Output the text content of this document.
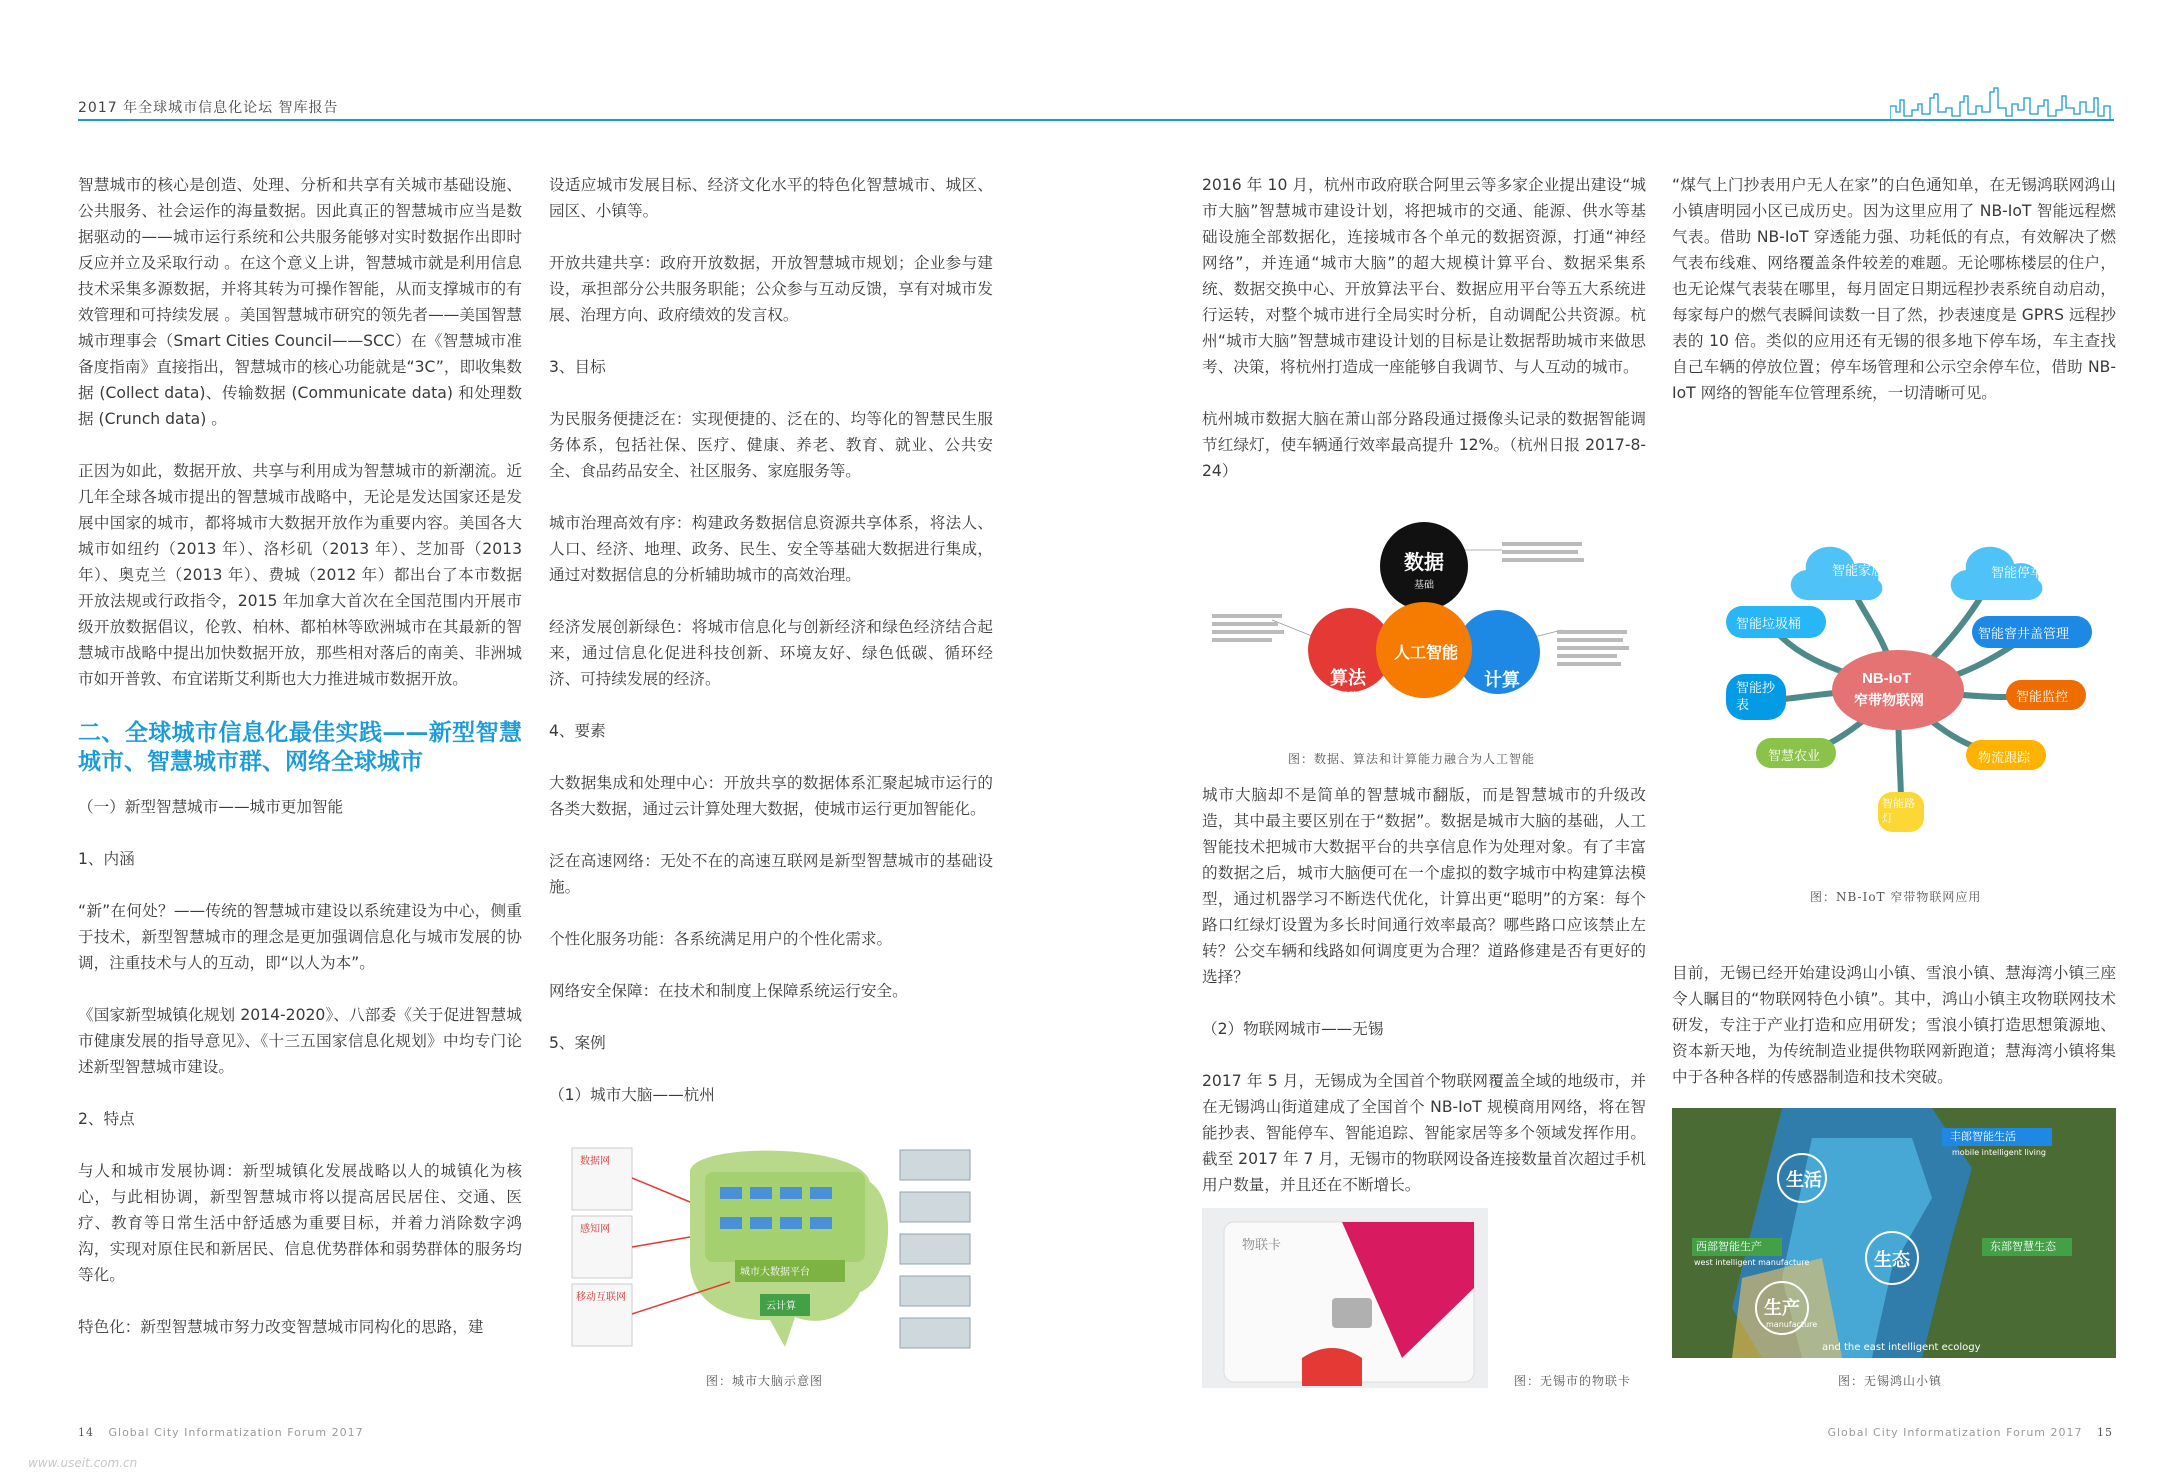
2017 年全球城市信息化论坛 智库报告

智慧城市的核心是创造、处理、分析和共享有关城市基础设施、公共服务、社会运作的海量数据。因此真正的智慧城市应当是数据驱动的——城市运行系统和公共服务能够对实时数据作出即时反应并立及采取行动 。在这个意义上讲，智慧城市就是利用信息技术采集多源数据，并将其转为可操作智能，从而支撑城市的有效管理和可持续发展 。美国智慧城市研究的领先者——美国智慧城市理事会（Smart Cities Council——SCC）在《智慧城市准备度指南》直接指出，智慧城市的核心功能就是“3C”，即收集数据 (Collect data)、传输数据 (Communicate data) 和处理数据 (Crunch data) 。

正因为如此，数据开放、共享与利用成为智慧城市的新潮流。近几年全球各城市提出的智慧城市战略中，无论是发达国家还是发展中国家的城市，都将城市大数据开放作为重要内容。美国各大城市如纽约（2013 年）、洛杉矶（2013 年）、芝加哥（2013 年）、奥克兰（2013 年）、费城（2012 年）都出台了本市数据开放法规或行政指令，2015 年加拿大首次在全国范围内开展市级开放数据倡议，伦敦、柏林、都柏林等欧洲城市在其最新的智慧城市战略中提出加快数据开放，那些相对落后的南美、非洲城市如开普敦、布宜诺斯艾利斯也大力推进城市数据开放。

二、全球城市信息化最佳实践——新型智慧城市、智慧城市群、网络全球城市
（一）新型智慧城市——城市更加智能
1、内涵

“新”在何处？——传统的智慧城市建设以系统建设为中心，侧重于技术，新型智慧城市的理念是更加强调信息化与城市发展的协调，注重技术与人的互动，即“以人为本”。

《国家新型城镇化规划 2014-2020》、八部委《关于促进智慧城市健康发展的指导意见》、《十三五国家信息化规划》中均专门论述新型智慧城市建设。

2、特点

与人和城市发展协调：新型城镇化发展战略以人的城镇化为核心，与此相协调，新型智慧城市将以提高居民居住、交通、医疗、教育等日常生活中舒适感为重要目标，并着力消除数字鸿沟，实现对原住民和新居民、信息优势群体和弱势群体的服务均等化。

特色化：新型智慧城市努力改变智慧城市同构化的思路，建

设适应城市发展目标、经济文化水平的特色化智慧城市、城区、园区、小镇等。

开放共建共享：政府开放数据，开放智慧城市规划；企业参与建设，承担部分公共服务职能；公众参与互动反馈，享有对城市发展、治理方向、政府绩效的发言权。

3、目标

为民服务便捷泛在：实现便捷的、泛在的、均等化的智慧民生服务体系，包括社保、医疗、健康、养老、教育、就业、公共安全、食品药品安全、社区服务、家庭服务等。

城市治理高效有序：构建政务数据信息资源共享体系，将法人、人口、经济、地理、政务、民生、安全等基础大数据进行集成，通过对数据信息的分析辅助城市的高效治理。

经济发展创新绿色：将城市信息化与创新经济和绿色经济结合起来，通过信息化促进科技创新、环境友好、绿色低碳、循环经济、可持续发展的经济。

4、要素

大数据集成和处理中心：开放共享的数据体系汇聚起城市运行的各类大数据，通过云计算处理大数据，使城市运行更加智能化。

泛在高速网络：无处不在的高速互联网是新型智慧城市的基础设施。

个性化服务功能：各系统满足用户的个性化需求。

网络安全保障：在技术和制度上保障系统运行安全。

5、案例
（1）城市大脑——杭州
数据网
感知网
移动互联网
城市大数据平台
云计算
图：城市大脑示意图

2016 年 10 月，杭州市政府联合阿里云等多家企业提出建设“城市大脑”智慧城市建设计划，将把城市的交通、能源、供水等基础设施全部数据化，连接城市各个单元的数据资源，打通“神经网络”，并连通“城市大脑”的超大规模计算平台、数据采集系统、数据交换中心、开放算法平台、数据应用平台等五大系统进行运转，对整个城市进行全局实时分析，自动调配公共资源。杭州“城市大脑”智慧城市建设计划的目标是让数据帮助城市来做思考、决策，将杭州打造成一座能够自我调节、与人互动的城市。

杭州城市数据大脑在萧山部分路段通过摄像头记录的数据智能调节红绿灯，使车辆通行效率最高提升 12%。（杭州日报 2017-8-24）

数据
基础
人工智能
算法
引擎
计算
平台
图：数据、算法和计算能力融合为人工智能

城市大脑却不是简单的智慧城市翻版，而是智慧城市的升级改造，其中最主要区别在于“数据”。数据是城市大脑的基础，人工智能技术把城市大数据平台的共享信息作为处理对象。有了丰富的数据之后，城市大脑便可在一个虚拟的数字城市中构建算法模型，通过机器学习不断迭代优化，计算出更“聪明”的方案：每个路口红绿灯设置为多长时间通行效率最高？哪些路口应该禁止左转？公交车辆和线路如何调度更为合理？道路修建是否有更好的选择？

（2）物联网城市——无锡

2017 年 5 月，无锡成为全国首个物联网覆盖全域的地级市，并在无锡鸿山街道建成了全国首个 NB-IoT 规模商用网络，将在智能抄表、智能停车、智能追踪、智能家居等多个领域发挥作用。截至 2017 年 7 月，无锡市的物联网设备连接数量首次超过手机用户数量，并且还在不断增长。

物联卡
图：无锡市的物联卡

“煤气上门抄表用户无人在家”的白色通知单，在无锡鸿联网鸿山小镇唐明园小区已成历史。因为这里应用了 NB-IoT 智能远程燃气表。借助 NB-IoT 穿透能力强、功耗低的有点，有效解决了燃气表布线难、网络覆盖条件较差的难题。无论哪栋楼层的住户，也无论煤气表装在哪里，每月固定日期远程抄表系统自动启动，每家每户的燃气表瞬间读数一目了然，抄表速度是 GPRS 远程抄表的 10 倍。类似的应用还有无锡的很多地下停车场，车主查找自己车辆的停放位置；停车场管理和公示空余停车位，借助 NB-IoT 网络的智能车位管理系统，一切清晰可见。

NB-IoT
窄带物联网
智能家居	智能停车
智能垃圾桶
智能窨井盖管理
智能抄表
智能监控
智慧农业	物流跟踪
智能路灯
图：NB-IoT 窄带物联网应用

目前，无锡已经开始建设鸿山小镇、雪浪小镇、慧海湾小镇三座令人瞩目的“物联网特色小镇”。其中，鸿山小镇主攻物联网技术研发，专注于产业打造和应用研发；雪浪小镇打造思想策源地、资本新天地，为传统制造业提供物联网新跑道；慧海湾小镇将集中于各种各样的传感器制造和技术突破。

丰郎智能生活
mobile intelligent living
西部智能生产
west intelligent manufacture
东部智慧生态
生活
生态
生产
manufacture
and the east intelligent ecology
图：无锡鸿山小镇
14 Global City Informatization Forum 2017	Global City Informatization Forum 2017 15
www.useit.com.cn
